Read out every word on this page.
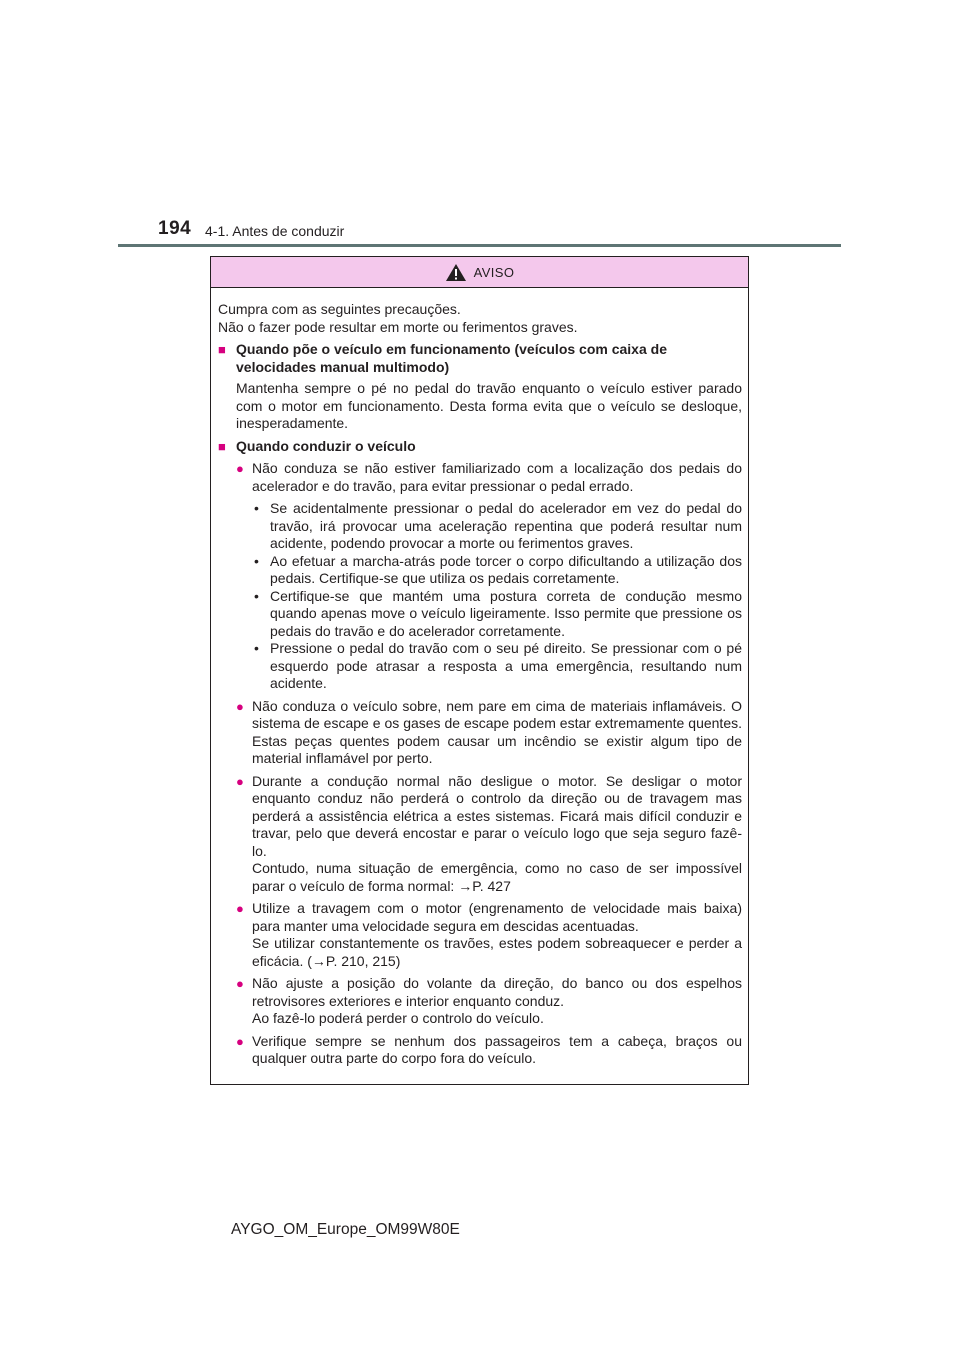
194 4-1. Antes de conduzir
AVISO

Cumpra com as seguintes precauções.

Não o fazer pode resultar em morte ou ferimentos graves.

■ Quando põe o veículo em funcionamento (veículos com caixa de velocidades manual multimodo)
Mantenha sempre o pé no pedal do travão enquanto o veículo estiver parado com o motor em funcionamento. Desta forma evita que o veículo se desloque, inesperadamente.
■ Quando conduzir o veículo
● Não conduza se não estiver familiarizado com a localização dos pedais do acelerador e do travão, para evitar pressionar o pedal errado.

• Se acidentalmente pressionar o pedal do acelerador em vez do pedal do travão, irá provocar uma aceleração repentina que poderá resultar num acidente, podendo provocar a morte ou ferimentos graves.
• Ao efetuar a marcha-atrás pode torcer o corpo dificultando a utilização dos pedais. Certifique-se que utiliza os pedais corretamente.
• Certifique-se que mantém uma postura correta de condução mesmo quando apenas move o veículo ligeiramente. Isso permite que pressione os pedais do travão e do acelerador corretamente.
• Pressione o pedal do travão com o seu pé direito. Se pressionar com o pé esquerdo pode atrasar a resposta a uma emergência, resultando num acidente.
● Não conduza o veículo sobre, nem pare em cima de materiais inflamáveis. O sistema de escape e os gases de escape podem estar extremamente quentes. Estas peças quentes podem causar um incêndio se existir algum tipo de material inflamável por perto.

● Durante a condução normal não desligue o motor. Se desligar o motor enquanto conduz não perderá o controlo da direção ou de travagem mas perderá a assistência elétrica a estes sistemas. Ficará mais difícil conduzir e travar, pelo que deverá encostar e parar o veículo logo que seja seguro fazê-lo.

Contudo, numa situação de emergência, como no caso de ser impossível parar o veículo de forma normal: →P. 427

● Utilize a travagem com o motor (engrenamento de velocidade mais baixa) para manter uma velocidade segura em descidas acentuadas.

Se utilizar constantemente os travões, estes podem sobreaquecer e perder a eficácia. (→P. 210, 215)

● Não ajuste a posição do volante da direção, do banco ou dos espelhos retrovisores exteriores e interior enquanto conduz.

Ao fazê-lo poderá perder o controlo do veículo.

● Verifique sempre se nenhum dos passageiros tem a cabeça, braços ou qualquer outra parte do corpo fora do veículo.

AYGO_OM_Europe_OM99W80E
